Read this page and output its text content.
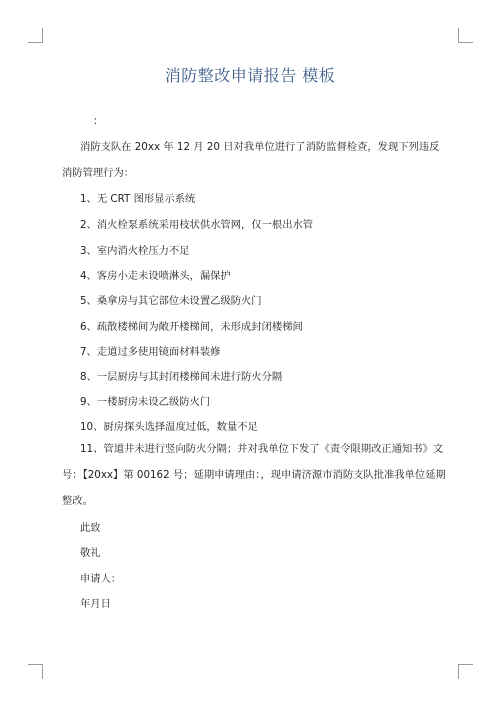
消防整改申请报告 模板
：
消防支队在 20xx 年 12 月 20 日对我单位进行了消防监督检查，发现下列违反消防管理行为：
1、无 CRT 图形显示系统
2、消火栓泵系统采用枝状供水管网，仅一根出水管
3、室内消火栓压力不足
4、客房小走未设喷淋头，漏保护
5、桑拿房与其它部位未设置乙级防火门
6、疏散楼梯间为敞开楼梯间，未形成封闭楼梯间
7、走道过多使用镜面材料装修
8、一层厨房与其封闭楼梯间未进行防火分隔
9、一楼厨房未设乙级防火门
10、厨房探头选择温度过低，数量不足
11、管道井未进行竖向防火分隔；并对我单位下发了《责令限期改正通知书》文号：【20xx】第 00162 号；延期申请理由：，现申请济源市消防支队批准我单位延期整改。
此致
敬礼
申请人：
年月日
